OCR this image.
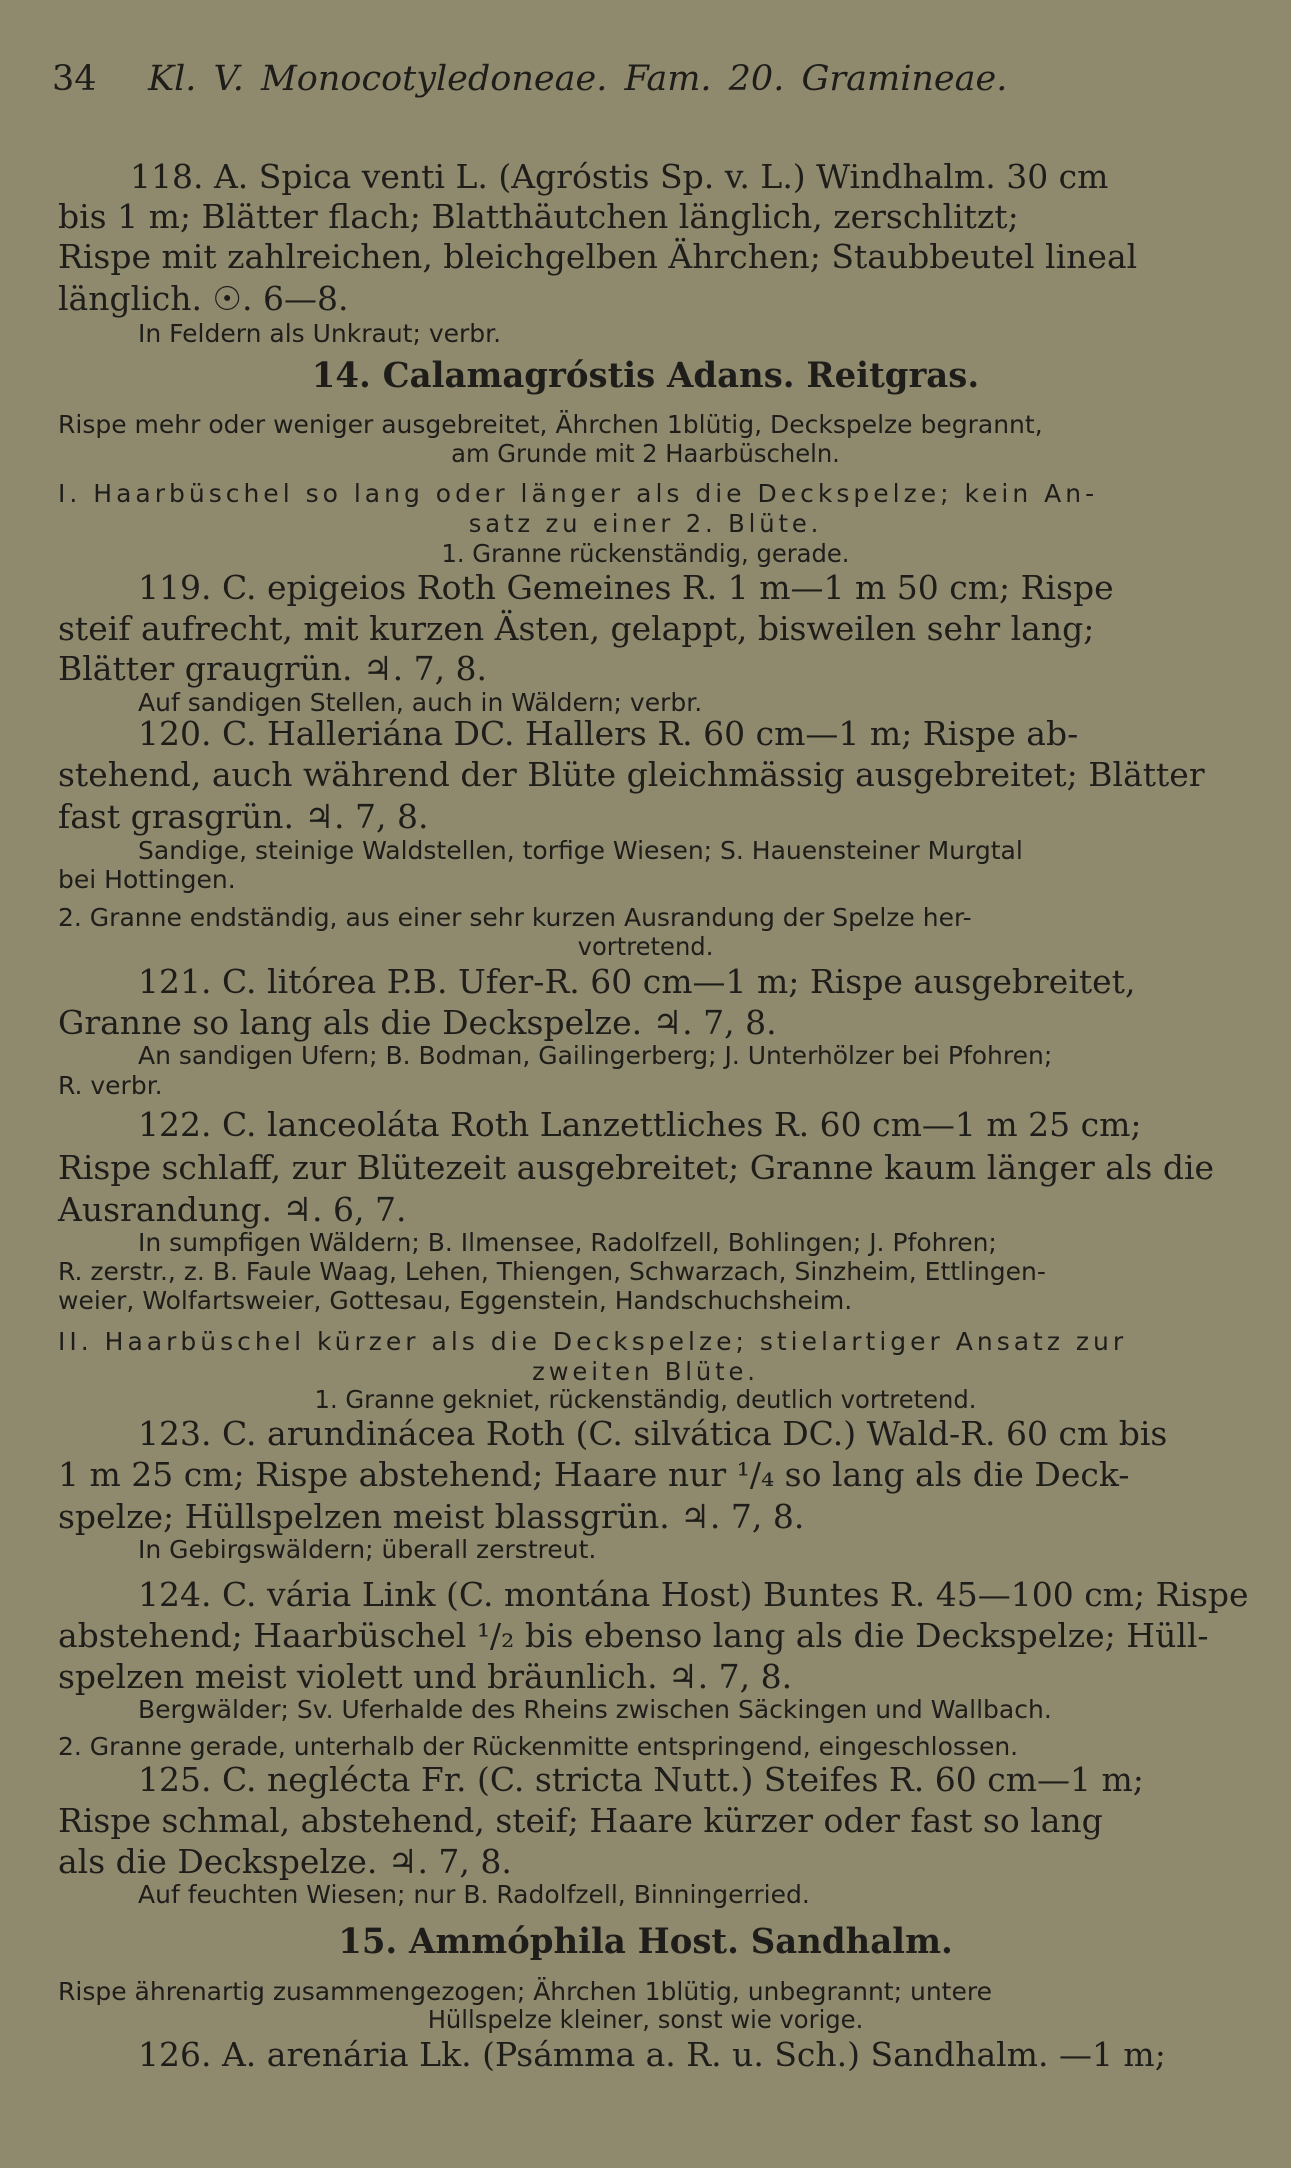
34 Kl. V. Monocotyledoneae. Fam. 20. Gramineae.
118. A. Spica venti L. (Agróstis Sp. v. L.) Windhalm. 30 cm
bis 1 m; Blätter flach; Blatthäutchen länglich, zerschlitzt;
Rispe mit zahlreichen, bleichgelben Ährchen; Staubbeutel lineal
länglich. ☉. 6—8.
In Feldern als Unkraut; verbr.
14. Calamagróstis Adans. Reitgras.
Rispe mehr oder weniger ausgebreitet, Ährchen 1blütig, Deckspelze begrannt,
am Grunde mit 2 Haarbüscheln.
I. Haarbüschel so lang oder länger als die Deckspelze; kein An-
satz zu einer 2. Blüte.
1. Granne rückenständig, gerade.
119. C. epigeios Roth Gemeines R. 1 m—1 m 50 cm; Rispe
steif aufrecht, mit kurzen Ästen, gelappt, bisweilen sehr lang;
Blätter graugrün. ♃. 7, 8.
Auf sandigen Stellen, auch in Wäldern; verbr.
120. C. Halleriána DC. Hallers R. 60 cm—1 m; Rispe ab-
stehend, auch während der Blüte gleichmässig ausgebreitet; Blätter
fast grasgrün. ♃. 7, 8.
Sandige, steinige Waldstellen, torfige Wiesen; S. Hauensteiner Murgtal
bei Hottingen.
2. Granne endständig, aus einer sehr kurzen Ausrandung der Spelze her-
vortretend.
121. C. litórea P.B. Ufer-R. 60 cm—1 m; Rispe ausgebreitet,
Granne so lang als die Deckspelze. ♃. 7, 8.
An sandigen Ufern; B. Bodman, Gailingerberg; J. Unterhölzer bei Pfohren;
R. verbr.
122. C. lanceoláta Roth Lanzettliches R. 60 cm—1 m 25 cm;
Rispe schlaff, zur Blütezeit ausgebreitet; Granne kaum länger als die
Ausrandung. ♃. 6, 7.
In sumpfigen Wäldern; B. Ilmensee, Radolfzell, Bohlingen; J. Pfohren;
R. zerstr., z. B. Faule Waag, Lehen, Thiengen, Schwarzach, Sinzheim, Ettlingen-
weier, Wolfartsweier, Gottesau, Eggenstein, Handschuchsheim.
II. Haarbüschel kürzer als die Deckspelze; stielartiger Ansatz zur
zweiten Blüte.
1. Granne gekniet, rückenständig, deutlich vortretend.
123. C. arundinácea Roth (C. silvática DC.) Wald-R. 60 cm bis
1 m 25 cm; Rispe abstehend; Haare nur ¹/₄ so lang als die Deck-
spelze; Hüllspelzen meist blassgrün. ♃. 7, 8.
In Gebirgswäldern; überall zerstreut.
124. C. vária Link (C. montána Host) Buntes R. 45—100 cm; Rispe
abstehend; Haarbüschel ¹/₂ bis ebenso lang als die Deckspelze; Hüll-
spelzen meist violett und bräunlich. ♃. 7, 8.
Bergwälder; Sv. Uferhalde des Rheins zwischen Säckingen und Wallbach.
2. Granne gerade, unterhalb der Rückenmitte entspringend, eingeschlossen.
125. C. neglécta Fr. (C. stricta Nutt.) Steifes R. 60 cm—1 m;
Rispe schmal, abstehend, steif; Haare kürzer oder fast so lang
als die Deckspelze. ♃. 7, 8.
Auf feuchten Wiesen; nur B. Radolfzell, Binningerried.
15. Ammóphila Host. Sandhalm.
Rispe ährenartig zusammengezogen; Ährchen 1blütig, unbegrannt; untere
Hüllspelze kleiner, sonst wie vorige.
126. A. arenária Lk. (Psámma a. R. u. Sch.) Sandhalm. —1 m;
